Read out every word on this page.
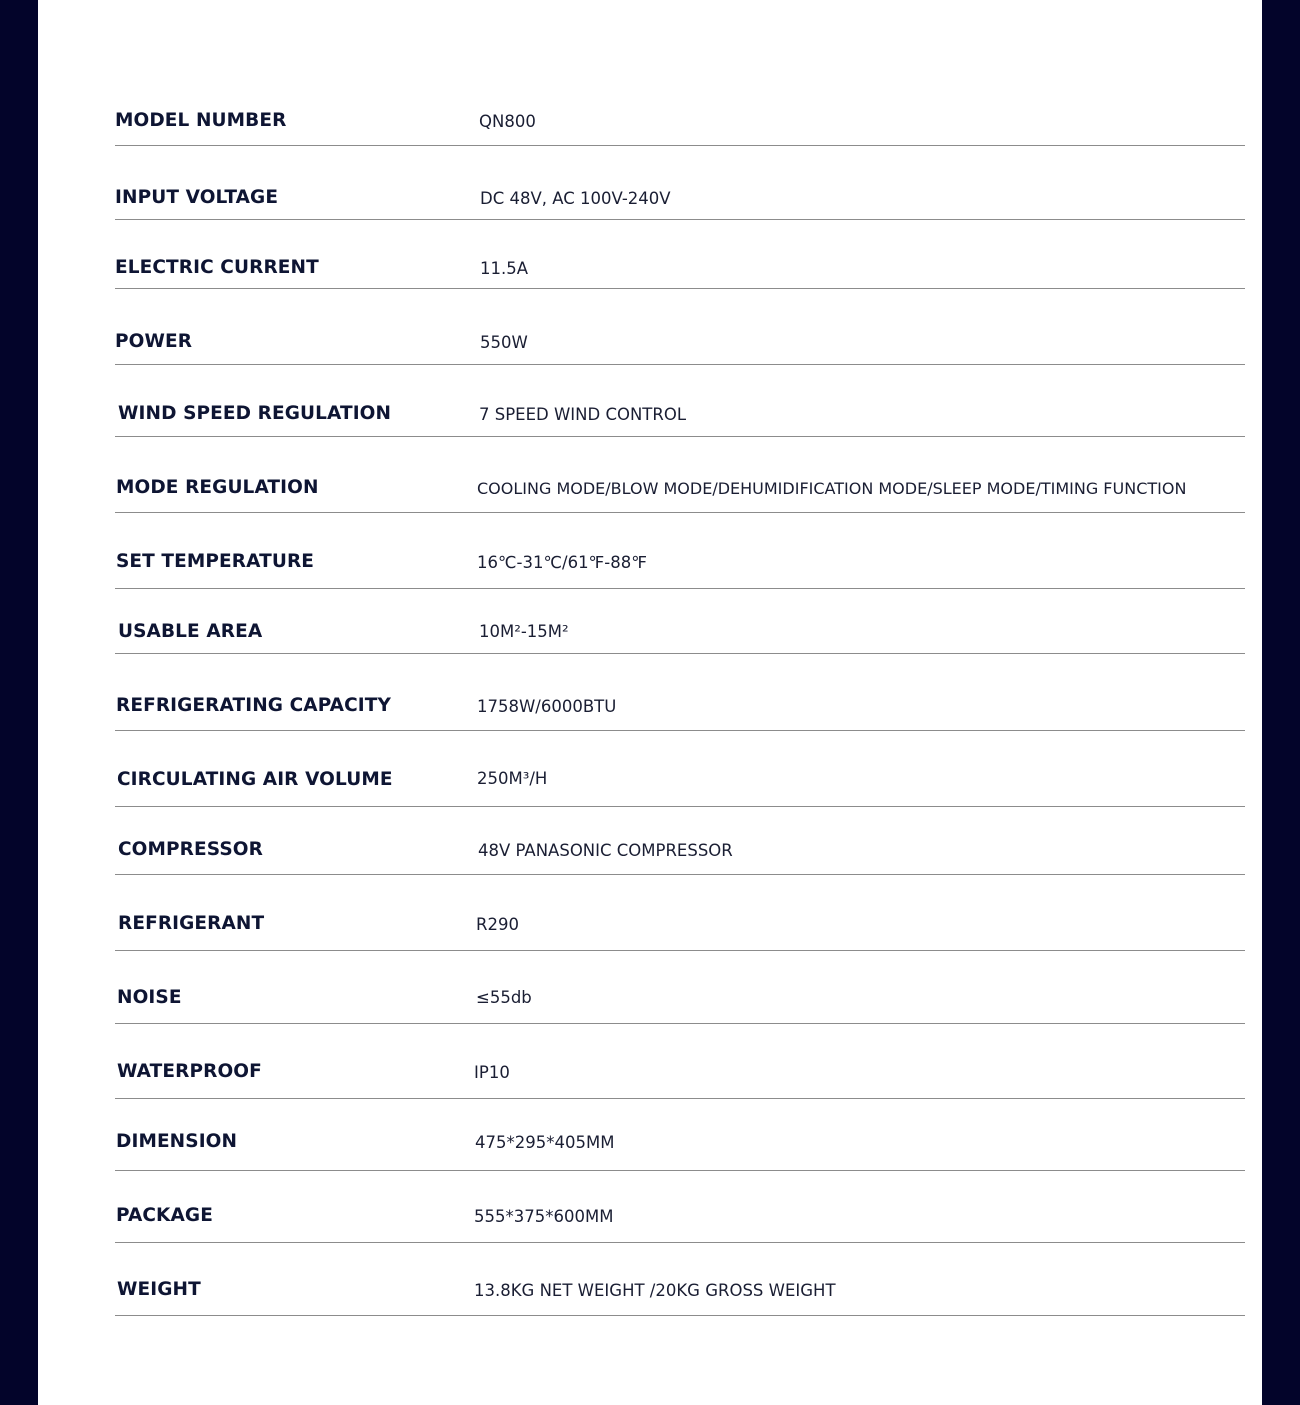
MODEL NUMBER	QN800
INPUT VOLTAGE	DC 48V, AC 100V-240V
ELECTRIC CURRENT	11.5A
POWER	550W
WIND SPEED REGULATION	7 SPEED WIND CONTROL
MODE REGULATION	COOLING MODE/BLOW MODE/DEHUMIDIFICATION MODE/SLEEP MODE/TIMING FUNCTION
SET TEMPERATURE	16℃-31℃/61℉-88℉
USABLE AREA	10M²-15M²
REFRIGERATING CAPACITY	1758W/6000BTU
CIRCULATING AIR VOLUME	250M³/H
COMPRESSOR	48V PANASONIC COMPRESSOR
REFRIGERANT	R290
NOISE	≤55db
WATERPROOF	IP10
DIMENSION	475*295*405MM
PACKAGE	555*375*600MM
WEIGHT	13.8KG NET WEIGHT /20KG GROSS WEIGHT
